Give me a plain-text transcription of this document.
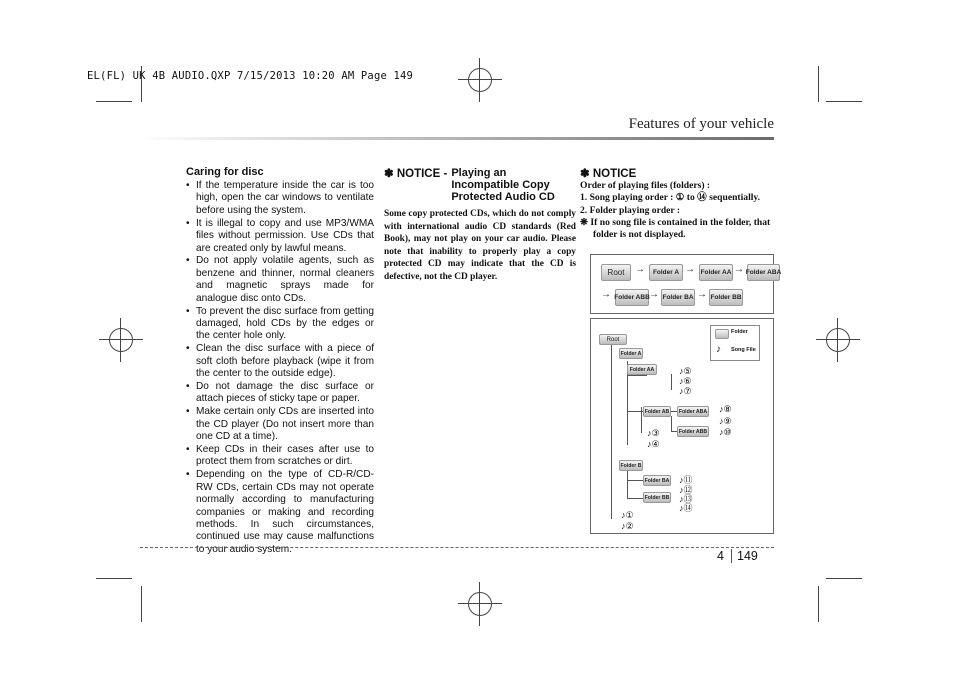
EL(FL) UK 4B AUDIO.QXP 7/15/2013 10:20 AM Page 149
Features of your vehicle
Caring for disc
• If the temperature inside the car is too high, open the car windows to ventilate before using the system.
• It is illegal to copy and use MP3/WMA files without permission. Use CDs that are created only by lawful means.
• Do not apply volatile agents, such as benzene and thinner, normal cleaners and magnetic sprays made for analogue disc onto CDs.
• To prevent the disc surface from getting damaged, hold CDs by the edges or the center hole only.
• Clean the disc surface with a piece of soft cloth before playback (wipe it from the center to the outside edge).
• Do not damage the disc surface or attach pieces of sticky tape or paper.
• Make certain only CDs are inserted into the CD player (Do not insert more than one CD at a time).
• Keep CDs in their cases after use to protect them from scratches or dirt.
• Depending on the type of CD-R/CD-RW CDs, certain CDs may not operate normally according to manufacturing companies or making and recording methods. In such circumstances, continued use may cause malfunctions to your audio system.
✽ NOTICE - Playing an Incompatible Copy Protected Audio CD

Some copy protected CDs, which do not comply with international audio CD standards (Red Book), may not play on your car audio. Please note that inability to properly play a copy protected CD may indicate that the CD is defective, not the CD player.

✽ NOTICE
Order of playing files (folders) :
1. Song playing order : ① to ⑭ sequentially.
2. Folder playing order :
❋ If no song file is contained in the folder, that folder is not displayed.
Root	→	Folder A → Folder AA → Folder ABA
→ Folder ABB → Folder BA → Folder BB
Folder
♪ Song File
Root
Folder A
Folder AA
Folder AB	Folder ABA
Folder ABB
Folder B
Folder BA
Folder BB
♪①
♪②
♪③
♪④
♪⑤
♪⑥
♪⑦
♪⑧
♪⑨
♪⑩
♪⑪
♪⑫
♪⑬
♪⑭
4 149
